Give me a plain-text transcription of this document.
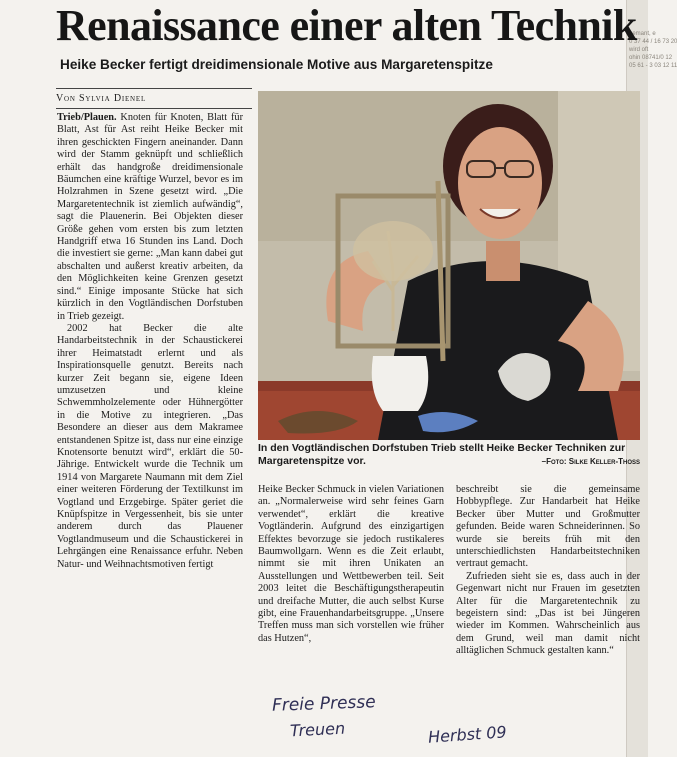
gemant, e
0 37 44 / 16 73 20
wird oft
ohin 08741/0 12
05 61 - 3 03 12 11
Renaissance einer alten Technik
Heike Becker fertigt dreidimensionale Motive aus Margaretenspitze
Von Sylvia Dienel

Trieb/Plauen. Knoten für Knoten, Blatt für Blatt, Ast für Ast reiht Heike Becker mit ihren geschickten Fingern aneinander. Dann wird der Stamm geknüpft und schließlich erhält das handgroße dreidimensionale Bäumchen eine kräftige Wurzel, bevor es im Holzrahmen in Szene gesetzt wird. „Die Margaretentechnik ist ziemlich aufwändig“, sagt die Plauenerin. Bei Objekten dieser Größe gehen vom ersten bis zum letzten Handgriff etwa 16 Stunden ins Land. Doch die investiert sie gerne: „Man kann dabei gut abschalten und außerst kreativ arbeiten, da den Möglichkeiten keine Grenzen gesetzt sind.“ Einige imposante Stücke hat sich kürzlich in den Vogtländischen Dorfstuben in Trieb gezeigt.

2002 hat Becker die alte Handarbeitstechnik in der Schaustickerei ihrer Heimatstadt erlernt und als Inspirationsquelle genutzt. Bereits nach kurzer Zeit begann sie, eigene Ideen umzusetzen und kleine Schwemmholzelemente oder Hühnergötter in die Motive zu integrieren. „Das Besondere an dieser aus dem Makramee entstandenen Spitze ist, dass nur eine einzige Knotensorte benutzt wird“, erklärt die 50-Jährige. Entwickelt wurde die Technik um 1914 von Margarete Naumann mit dem Ziel einer weiteren Förderung der Textilkunst im Vogtland und Erzgebirge. Später geriet die Knüpfspitze in Vergessenheit, bis sie unter anderem durch das Plauener Vogtlandmuseum und die Schaustickerei in Lehrgängen eine Renaissance erfuhr. Neben Natur- und Weihnachtsmotiven fertigt

In den Vogtländischen Dorfstuben Trieb stellt Heike Becker Techniken zur Margaretenspitze vor.	–Foto: Silke Keller-Thoss

Heike Becker Schmuck in vielen Variationen an. „Normalerweise wird sehr feines Garn verwendet“, erklärt die kreative Vogtländerin. Aufgrund des einzigartigen Effektes bevorzuge sie jedoch rustikaleres Baumwollgarn. Wenn es die Zeit erlaubt, nimmt sie mit ihren Unikaten an Ausstellungen und Wettbewerben teil. Seit 2003 leitet die Beschäftigungstherapeutin und dreifache Mutter, die auch selbst Kurse gibt, eine Frauenhandarbeitsgruppe. „Unsere Treffen muss man sich vorstellen wie früher das Hutzen“,

beschreibt sie die gemeinsame Hobbypflege. Zur Handarbeit hat Heike Becker über Mutter und Großmutter gefunden. Beide waren Schneiderinnen. So wurde sie bereits früh mit den unterschiedlichsten Handarbeitstechniken vertraut gemacht.

Zufrieden sieht sie es, dass auch in der Gegenwart nicht nur Frauen im gesetzten Alter für die Margaretentechnik zu begeistern sind: „Das ist bei Jüngeren wieder im Kommen. Wahrscheinlich aus dem Grund, weil man damit nicht alltäglichen Schmuck gestalten kann.“

Freie Presse
Treuen	Herbst 09
